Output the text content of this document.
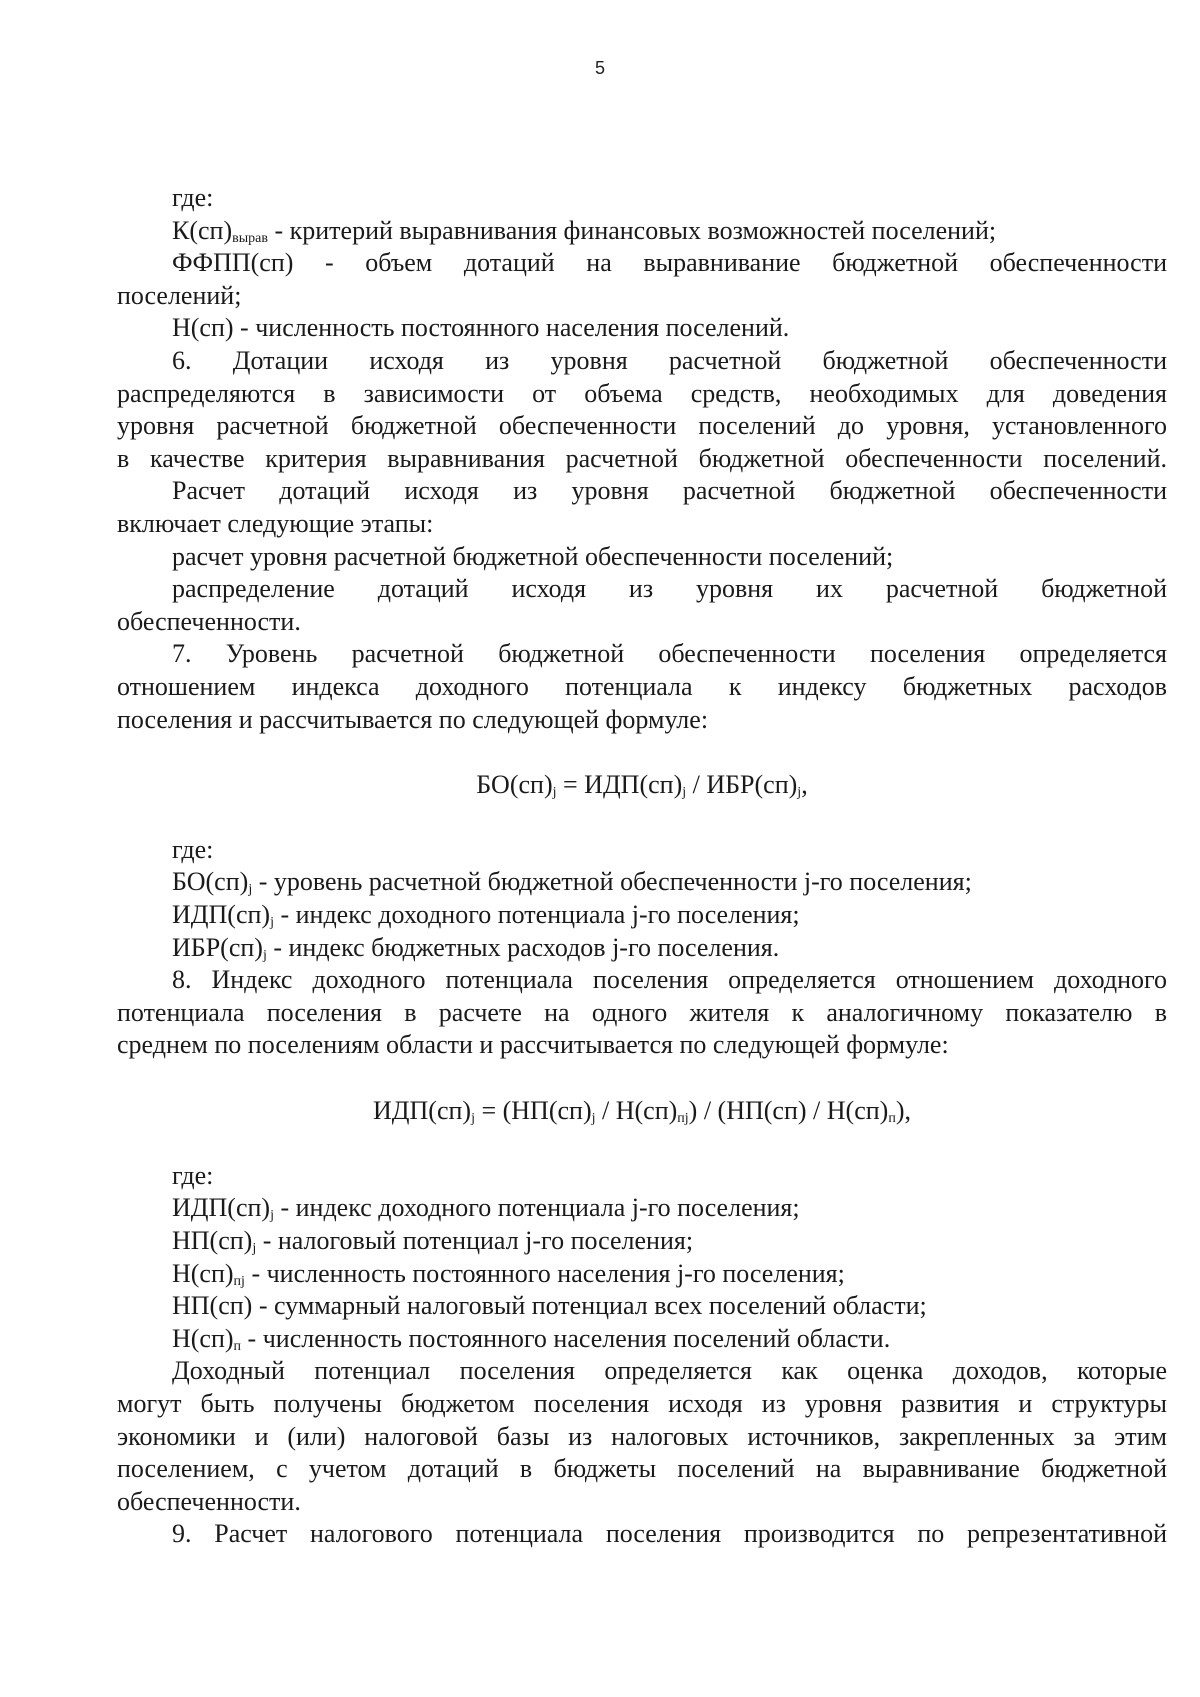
5
где:
$К(сп)_{вырав}$ - критерий выравнивания финансовых возможностей поселений;
ФФПП(сп) - объем дотаций на выравнивание бюджетной обеспеченности
поселений;
Н(сп) - численность постоянного населения поселений.
6. Дотации исходя из уровня расчетной бюджетной обеспеченности
распределяются в зависимости от объема средств, необходимых для доведения
уровня расчетной бюджетной обеспеченности поселений до уровня, установленного
в качестве критерия выравнивания расчетной бюджетной обеспеченности поселений.
Расчет дотаций исходя из уровня расчетной бюджетной обеспеченности
включает следующие этапы:
расчет уровня расчетной бюджетной обеспеченности поселений;
распределение дотаций исходя из уровня их расчетной бюджетной
обеспеченности.
7. Уровень расчетной бюджетной обеспеченности поселения определяется
отношением индекса доходного потенциала к индексу бюджетных расходов
поселения и рассчитывается по следующей формуле:
$БО(сп)_j = ИДП(сп)_j / ИБР(сп)_j$,
где:
$БО(сп)_j$ - уровень расчетной бюджетной обеспеченности j-го поселения;
$ИДП(сп)_j$ - индекс доходного потенциала j-го поселения;
$ИБР(сп)_j$ - индекс бюджетных расходов j-го поселения.
8. Индекс доходного потенциала поселения определяется отношением доходного
потенциала поселения в расчете на одного жителя к аналогичному показателю в
среднем по поселениям области и рассчитывается по следующей формуле:
$ИДП(сп)_j = (НП(сп)_j / Н(сп)_{пj}) / (НП(сп) / Н(сп)_п)$,
где:
$ИДП(сп)_j$ - индекс доходного потенциала j-го поселения;
$НП(сп)_j$ - налоговый потенциал j-го поселения;
$Н(сп)_{пj}$ - численность постоянного населения j-го поселения;
НП(сп) - суммарный налоговый потенциал всех поселений области;
$Н(сп)_п$ - численность постоянного населения поселений области.
Доходный потенциал поселения определяется как оценка доходов, которые
могут быть получены бюджетом поселения исходя из уровня развития и структуры
экономики и (или) налоговой базы из налоговых источников, закрепленных за этим
поселением, с учетом дотаций в бюджеты поселений на выравнивание бюджетной
обеспеченности.
9. Расчет налогового потенциала поселения производится по репрезентативной
